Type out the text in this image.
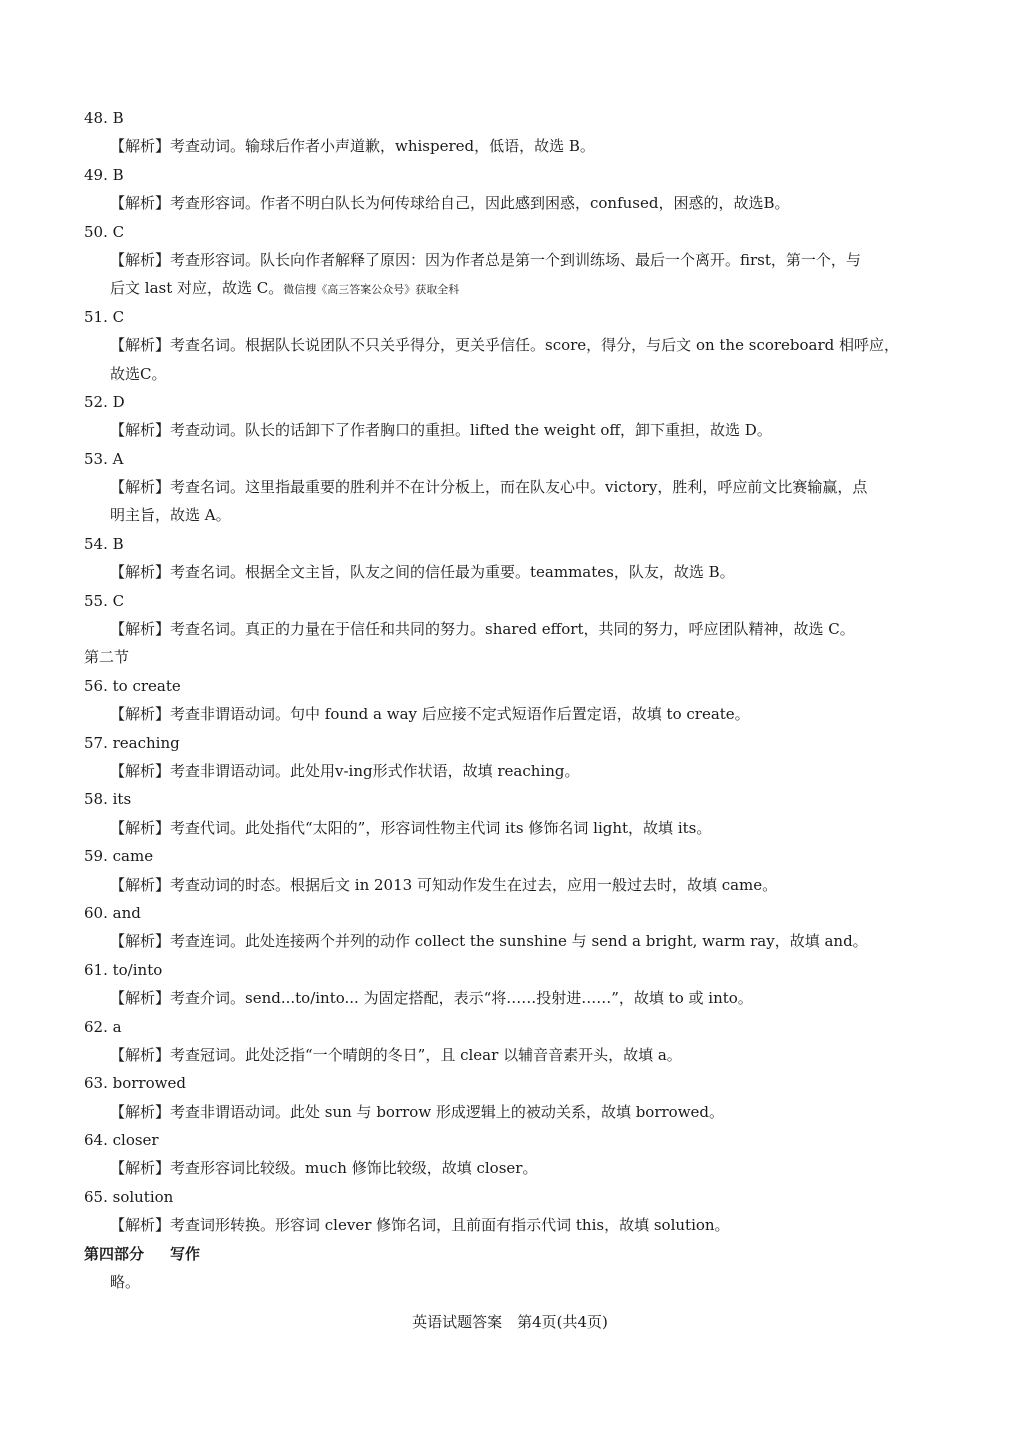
48. B
【解析】考查动词。输球后作者小声道歉，whispered，低语，故选 B。
49. B
【解析】考查形容词。作者不明白队长为何传球给自己，因此感到困惑，confused，困惑的，故选B。
50. C
【解析】考查形容词。队长向作者解释了原因：因为作者总是第一个到训练场、最后一个离开。first，第一个，与
后文 last 对应，故选 C。微信搜《高三答案公众号》获取全科
51. C
【解析】考查名词。根据队长说团队不只关乎得分，更关乎信任。score，得分，与后文 on the scoreboard 相呼应，
故选C。
52. D
【解析】考查动词。队长的话卸下了作者胸口的重担。lifted the weight off，卸下重担，故选 D。
53. A
【解析】考查名词。这里指最重要的胜利并不在计分板上，而在队友心中。victory，胜利，呼应前文比赛输赢，点
明主旨，故选 A。
54. B
【解析】考查名词。根据全文主旨，队友之间的信任最为重要。teammates，队友，故选 B。
55. C
【解析】考查名词。真正的力量在于信任和共同的努力。shared effort，共同的努力，呼应团队精神，故选 C。
第二节
56. to create
【解析】考查非谓语动词。句中 found a way 后应接不定式短语作后置定语，故填 to create。
57. reaching
【解析】考查非谓语动词。此处用v-ing形式作状语，故填 reaching。
58. its
【解析】考查代词。此处指代“太阳的”，形容词性物主代词 its 修饰名词 light，故填 its。
59. came
【解析】考查动词的时态。根据后文 in 2013 可知动作发生在过去，应用一般过去时，故填 came。
60. and
【解析】考查连词。此处连接两个并列的动作 collect the sunshine 与 send a bright, warm ray，故填 and。
61. to/into
【解析】考查介词。send...to/into... 为固定搭配，表示“将……投射进……”，故填 to 或 into。
62. a
【解析】考查冠词。此处泛指“一个晴朗的冬日”，且 clear 以辅音音素开头，故填 a。
63. borrowed
【解析】考查非谓语动词。此处 sun 与 borrow 形成逻辑上的被动关系，故填 borrowed。
64. closer
【解析】考查形容词比较级。much 修饰比较级，故填 closer。
65. solution
【解析】考查词形转换。形容词 clever 修饰名词，且前面有指示代词 this，故填 solution。
第四部分 写作
略。
英语试题答案　第4页(共4页)
